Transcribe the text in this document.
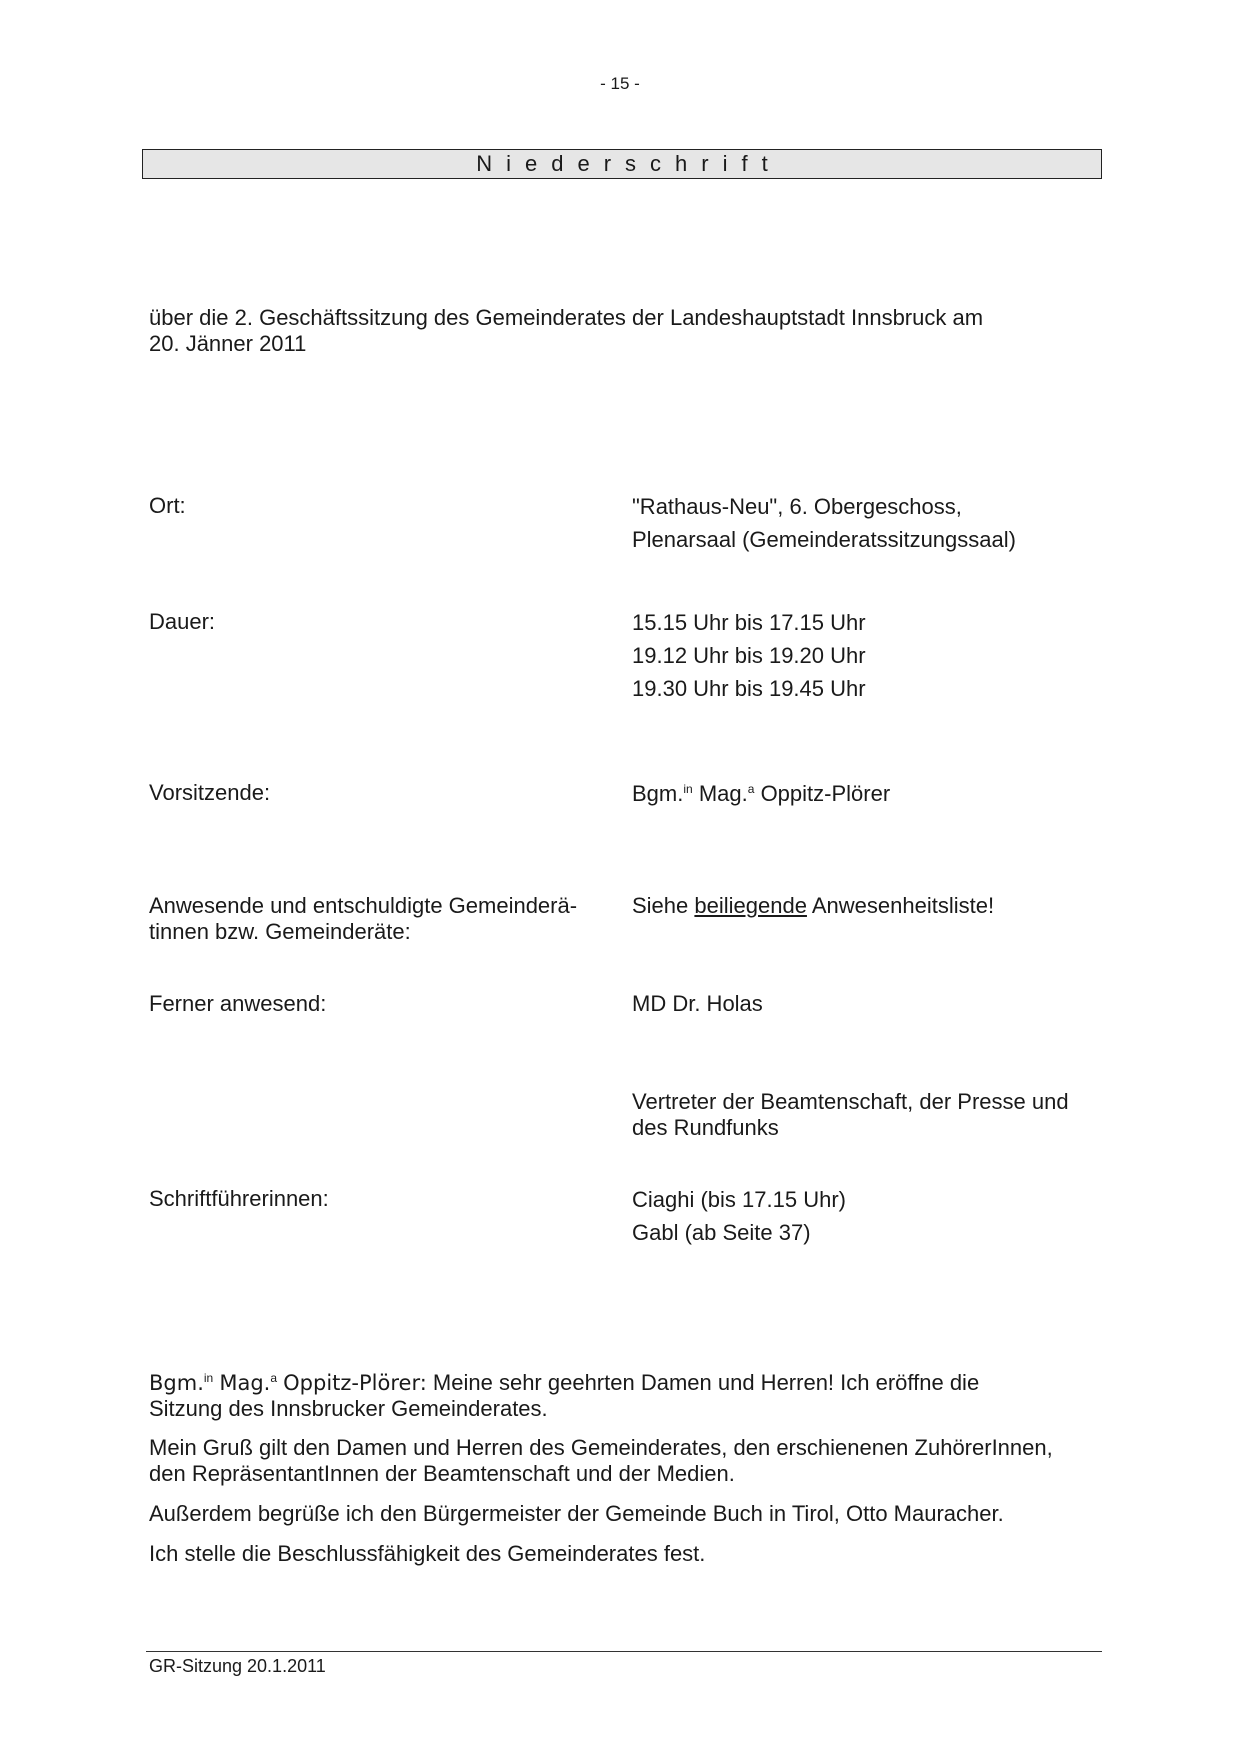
- 15 -
Niederschrift
über die 2. Geschäftssitzung des Gemeinderates der Landeshauptstadt Innsbruck am
20. Jänner 2011
Ort:	"Rathaus-Neu", 6. Obergeschoss,
Plenarsaal (Gemeinderatssitzungssaal)
Dauer:	15.15 Uhr bis 17.15 Uhr
19.12 Uhr bis 19.20 Uhr
19.30 Uhr bis 19.45 Uhr
Vorsitzende:	Bgm.$^{in}$ Mag.$^a$ Oppitz-Plörer
Anwesende und entschuldigte Gemeinderä-
tinnen bzw. Gemeinderäte:
Siehe beiliegende Anwesenheitsliste!
Ferner anwesend:	MD Dr. Holas
Vertreter der Beamtenschaft, der Presse und
des Rundfunks
Schriftführerinnen:	Ciaghi (bis 17.15 Uhr)
Gabl (ab Seite 37)
Bgm.$^{in}$ Mag.$^a$ Oppitz-Plörer: Meine sehr geehrten Damen und Herren! Ich eröffne die
Sitzung des Innsbrucker Gemeinderates.
Mein Gruß gilt den Damen und Herren des Gemeinderates, den erschienenen ZuhörerInnen,
den RepräsentantInnen der Beamtenschaft und der Medien.
Außerdem begrüße ich den Bürgermeister der Gemeinde Buch in Tirol, Otto Mauracher.
Ich stelle die Beschlussfähigkeit des Gemeinderates fest.
GR-Sitzung 20.1.2011
